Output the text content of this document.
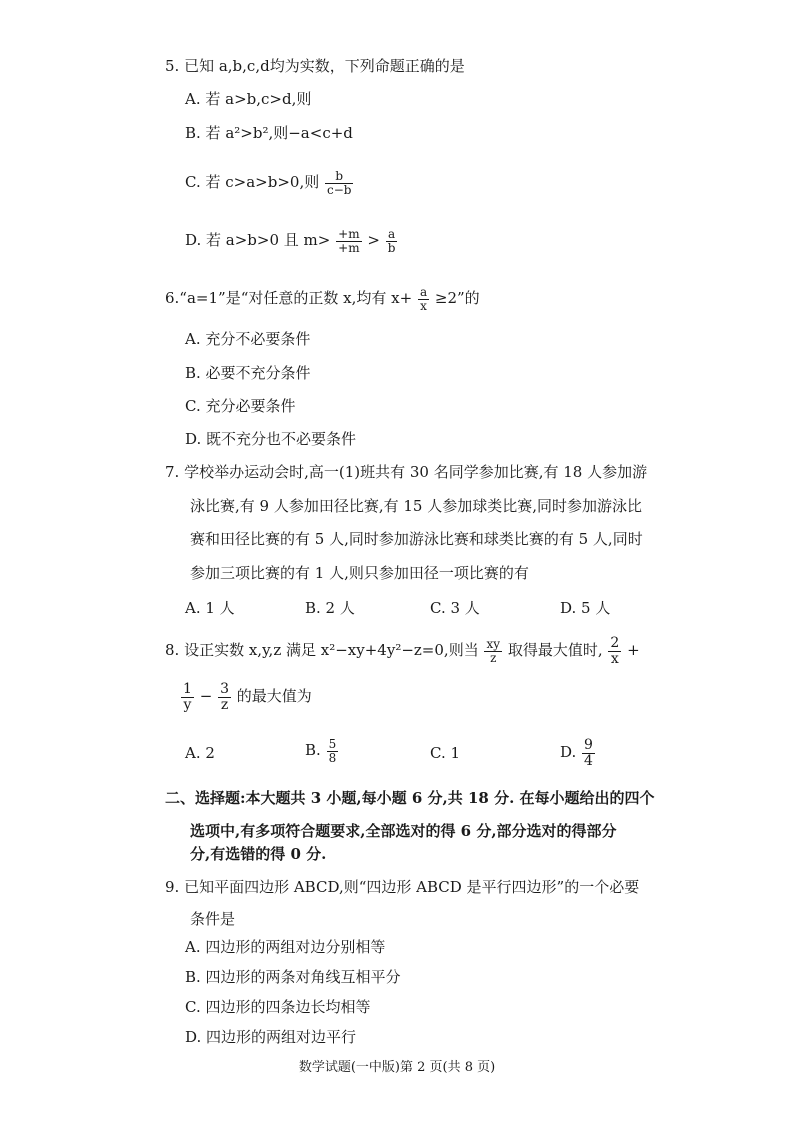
5. 已知 a,b,c,d均为实数，下列命题正确的是
A. 若 a>b,c>d,则
B. 若 a²>b²,则−a<c+d
C. 若 c>a>b>0,则 $\frac{b}{c-b}$
D. 若 a>b>0 且 $m> \frac{+m}{+m} > \frac{a}{b}$
6.“a=1”是“对任意的正数 x,均有 $x+ \frac{a}{x} \ge 2$”的
A. 充分不必要条件
B. 必要不充分条件
C. 充分必要条件
D. 既不充分也不必要条件
7. 学校举办运动会时,高一(1)班共有 30 名同学参加比赛,有 18 人参加游
泳比赛,有 9 人参加田径比赛,有 15 人参加球类比赛,同时参加游泳比
赛和田径比赛的有 5 人,同时参加游泳比赛和球类比赛的有 5 人,同时
参加三项比赛的有 1 人,则只参加田径一项比赛的有
A. 1 人	B. 2 人	C. 3 人	D. 5 人
8. 设正实数 x,y,z 满足 x²−xy+4y²−z=0,则当 $\frac{xy}{z}$ 取得最大值时, $\frac{2}{x}$ +
$\frac{1}{y} - \frac{3}{z}$ 的最大值为
A. 2	B. $\frac{5}{8}$	C. 1	D. $\frac{9}{4}$
二、选择题:本大题共 3 小题,每小题 6 分,共 18 分. 在每小题给出的四个
选项中,有多项符合题要求,全部选对的得 6 分,部分选对的得部分
分,有选错的得 0 分.
9. 已知平面四边形 ABCD,则“四边形 ABCD 是平行四边形”的一个必要
条件是
A. 四边形的两组对边分别相等
B. 四边形的两条对角线互相平分
C. 四边形的四条边长均相等
D. 四边形的两组对边平行
数学试题(一中版)第 2 页(共 8 页)
